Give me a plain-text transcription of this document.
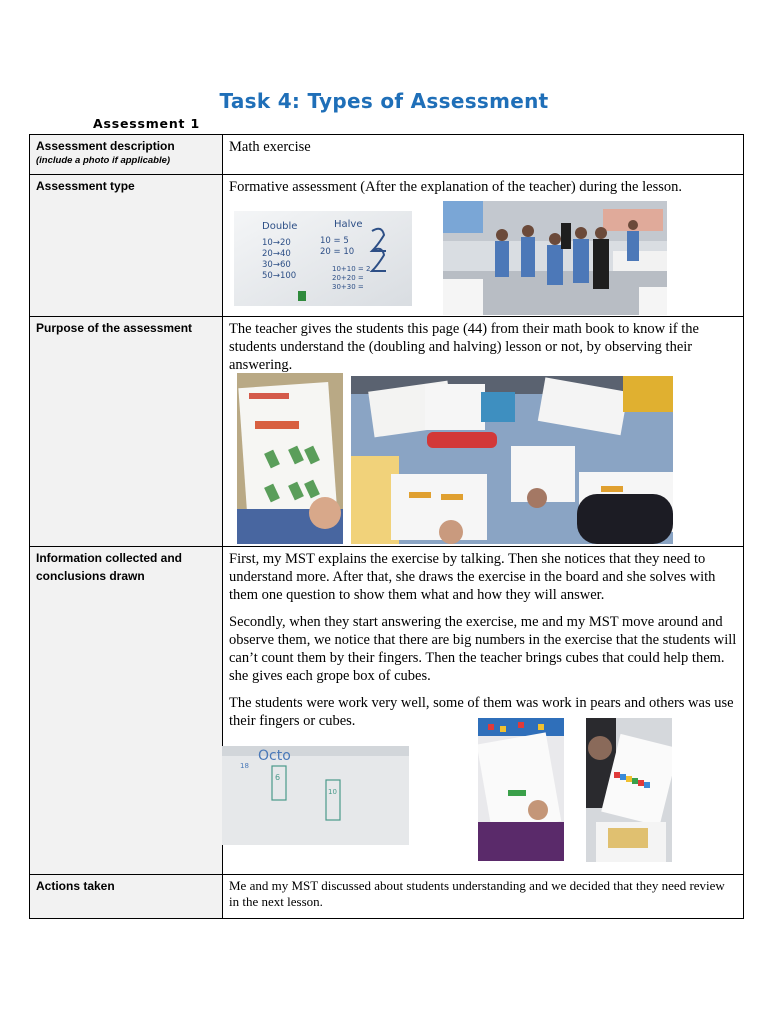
Task 4: Types of Assessment
Assessment 1
Assessment description
(include a photo if applicable)	Math exercise
Assessment type	Formative assessment (After the explanation of the teacher) during the lesson.

Purpose of the assessment	The teacher gives the students this page (44) from their math book to know if the students understand the (doubling and halving) lesson or not, by observing their answering.

Information collected and conclusions drawn	First, my MST explains the exercise by talking. Then she notices that they need to understand more. After that, she draws the exercise in the board and she solves with them one question to show them what and how they will answer.

Secondly, when they start answering the exercise, me and my MST move around and observe them, we notice that there are big numbers in the exercise that the students will can’t count them by their fingers. Then the teacher brings cubes that could help them. she gives each grope box of cubes.

The students were work very well, some of them was work in pears and others was use their fingers or cubes.

Actions taken	Me and my MST discussed about students understanding and we decided that they need review in the next lesson.
Double	Halve
10→20
20→40
30→60
50→100
10 = 5
20 = 10
10+10 = 2
20+20 =
30+30 =
Octo
18
6
10
